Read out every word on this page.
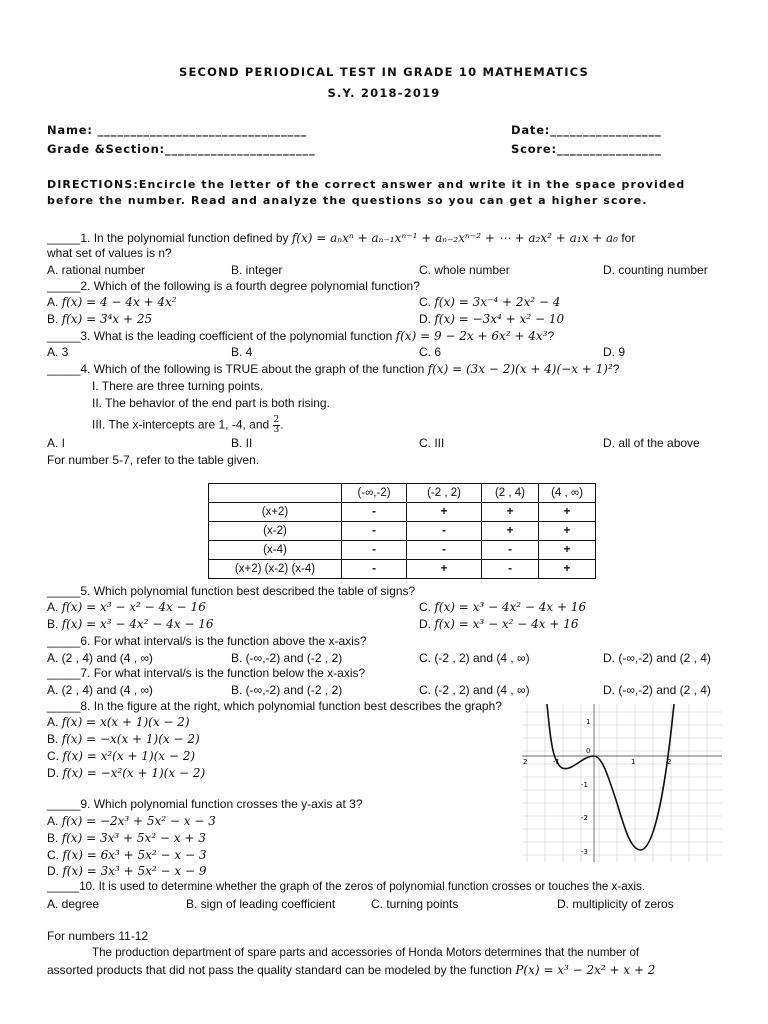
SECOND PERIODICAL TEST IN GRADE 10 MATHEMATICS
S.Y. 2018-2019
Name: ________________________________	Date:_________________
Grade &Section:_______________________	Score:________________
DIRECTIONS:Encircle the letter of the correct answer and write it in the space provided
before the number. Read and analyze the questions so you can get a higher score.
_____1. In the polynomial function defined by f(x) = aₙxⁿ + aₙ₋₁xⁿ⁻¹ + aₙ₋₂xⁿ⁻² + ⋯ + a₂x² + a₁x + a₀ for
what set of values is n?
A. rational number	B. integer	C. whole number	D. counting number
_____2. Which of the following is a fourth degree polynomial function?
A. f(x) = 4 − 4x + 4x²	C. f(x) = 3x⁻⁴ + 2x² − 4
B. f(x) = 3⁴x + 25	D. f(x) = −3x⁴ + x² − 10
_____3. What is the leading coefficient of the polynomial function f(x) = 9 − 2x + 6x² + 4x³?
A. 3	B. 4	C. 6	D. 9
_____4. Which of the following is TRUE about the graph of the function f(x) = (3x − 2)(x + 4)(−x + 1)²?
I. There are three turning points.
II. The behavior of the end part is both rising.
III. The x-intercepts are 1, -4, and $\frac{2}{3}$ .
A. I	B. II	C. III	D. all of the above
For number 5-7, refer to the table given.
	(-∞,-2)	(-2 , 2)	(2 , 4)	(4 , ∞)
(x+2)	-	+	+	+
(x-2)	-	-	+	+
(x-4)	-	-	-	+
(x+2) (x-2) (x-4)	-	+	-	+
_____5. Which polynomial function best described the table of signs?
A. f(x) = x³ − x² − 4x − 16	C. f(x) = x³ − 4x² − 4x + 16
B. f(x) = x³ − 4x² − 4x − 16	D. f(x) = x³ − x² − 4x + 16
_____6. For what interval/s is the function above the x-axis?
A. (2 , 4) and (4 , ∞)	B. (-∞,-2) and (-2 , 2)	C. (-2 , 2) and (4 , ∞)	D. (-∞,-2) and (2 , 4)
_____7. For what interval/s is the function below the x-axis?
A. (2 , 4) and (4 , ∞)	B. (-∞,-2) and (-2 , 2)	C. (-2 , 2) and (4 , ∞)	D. (-∞,-2) and (2 , 4)
_____8. In the figure at the right, which polynomial function best describes the graph?
A. f(x) = x(x + 1)(x − 2)
B. f(x) = −x(x + 1)(x − 2)
C. f(x) = x²(x + 1)(x − 2)
D. f(x) = −x²(x + 1)(x − 2)
1
0
-1
-2
-3
2	-1	1	2
_____9. Which polynomial function crosses the y-axis at 3?
A. f(x) = −2x³ + 5x² − x − 3
B. f(x) = 3x³ + 5x² − x + 3
C. f(x) = 6x³ + 5x² − x − 3
D. f(x) = 3x³ + 5x² − x − 9
_____10. It is used to determine whether the graph of the zeros of polynomial function crosses or touches the x-axis.
A. degree	B. sign of leading coefficient	C. turning points	D. multiplicity of zeros
For numbers 11-12
The production department of spare parts and accessories of Honda Motors determines that the number of
assorted products that did not pass the quality standard can be modeled by the function P(x) = x³ − 2x² + x + 2
